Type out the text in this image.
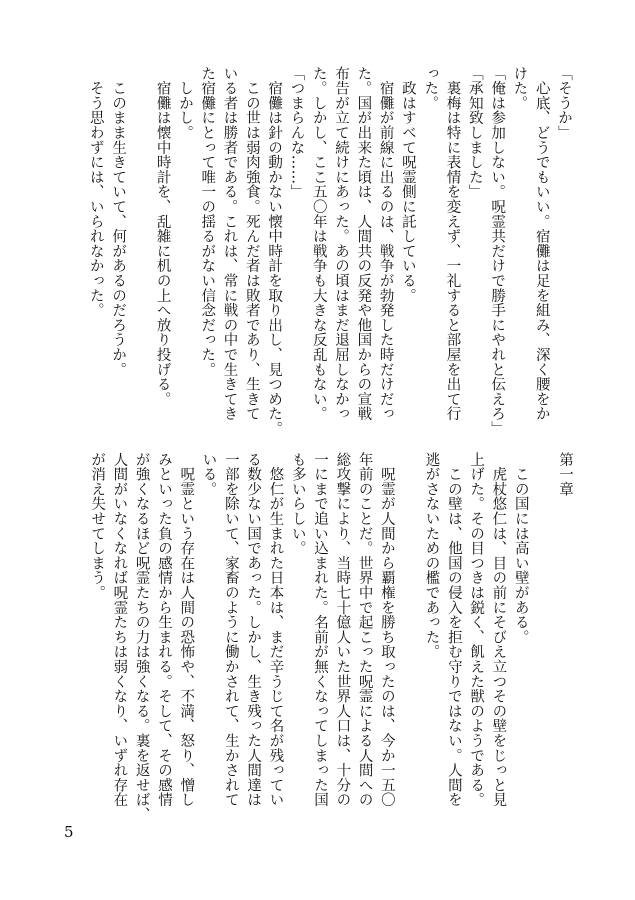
「そうか」

　心底、どうでもいい。宿儺は足を組み、深く腰をか

けた。

「俺は参加しない。呪霊共だけで勝手にやれと伝えろ」

「承知致しました」

　裏梅は特に表情を変えず、一礼すると部屋を出て行

った。

　政はすべて呪霊側に託している。

　宿儺が前線に出るのは、戦争が勃発した時だけだっ

た。国が出来た頃は、人間共の反発や他国からの宣戦

布告が立て続けにあった。あの頃はまだ退屈しなかっ

た。しかし、ここ五〇年は戦争も大きな反乱もない。

「つまらんな……」

　宿儺は針の動かない懐中時計を取り出し、見つめた。

　この世は弱肉強食。死んだ者は敗者であり、生きて

いる者は勝者である。これは、常に戦の中で生きてき

た宿儺にとって唯一の揺るがない信念だった。

　しかし。

　宿儺は懐中時計を、乱雑に机の上へ放り投げる。

　このまま生きていて、何があるのだろうか。

　そう思わずには、いられなかった。

第一章

　この国には高い壁がある。

　虎杖悠仁は、目の前にそびえ立つその壁をじっと見

上げた。その目つきは鋭く、飢えた獣のようである。

　この壁は、他国の侵入を拒む守りではない。人間を

逃がさないための檻であった。

　呪霊が人間から覇権を勝ち取ったのは、今か一五〇

年前のことだ。世界中で起こった呪霊による人間への

総攻撃により、当時七十億人いた世界人口は、十分の

一にまで追い込まれた。名前が無くなってしまった国

も多いらしい。

　悠仁が生まれた日本は、まだ辛うじて名が残ってい

る数少ない国であった。しかし、生き残った人間達は

一部を除いて、家畜のように働かされて、生かされて

いる。

　呪霊という存在は人間の恐怖や、不満、怒り、憎し

みといった負の感情から生まれる。そして、その感情

が強くなるほど呪霊たちの力は強くなる。裏を返せば、

人間がいなくなれば呪霊たちは弱くなり、いずれ存在

が消え失せてしまう。

5
